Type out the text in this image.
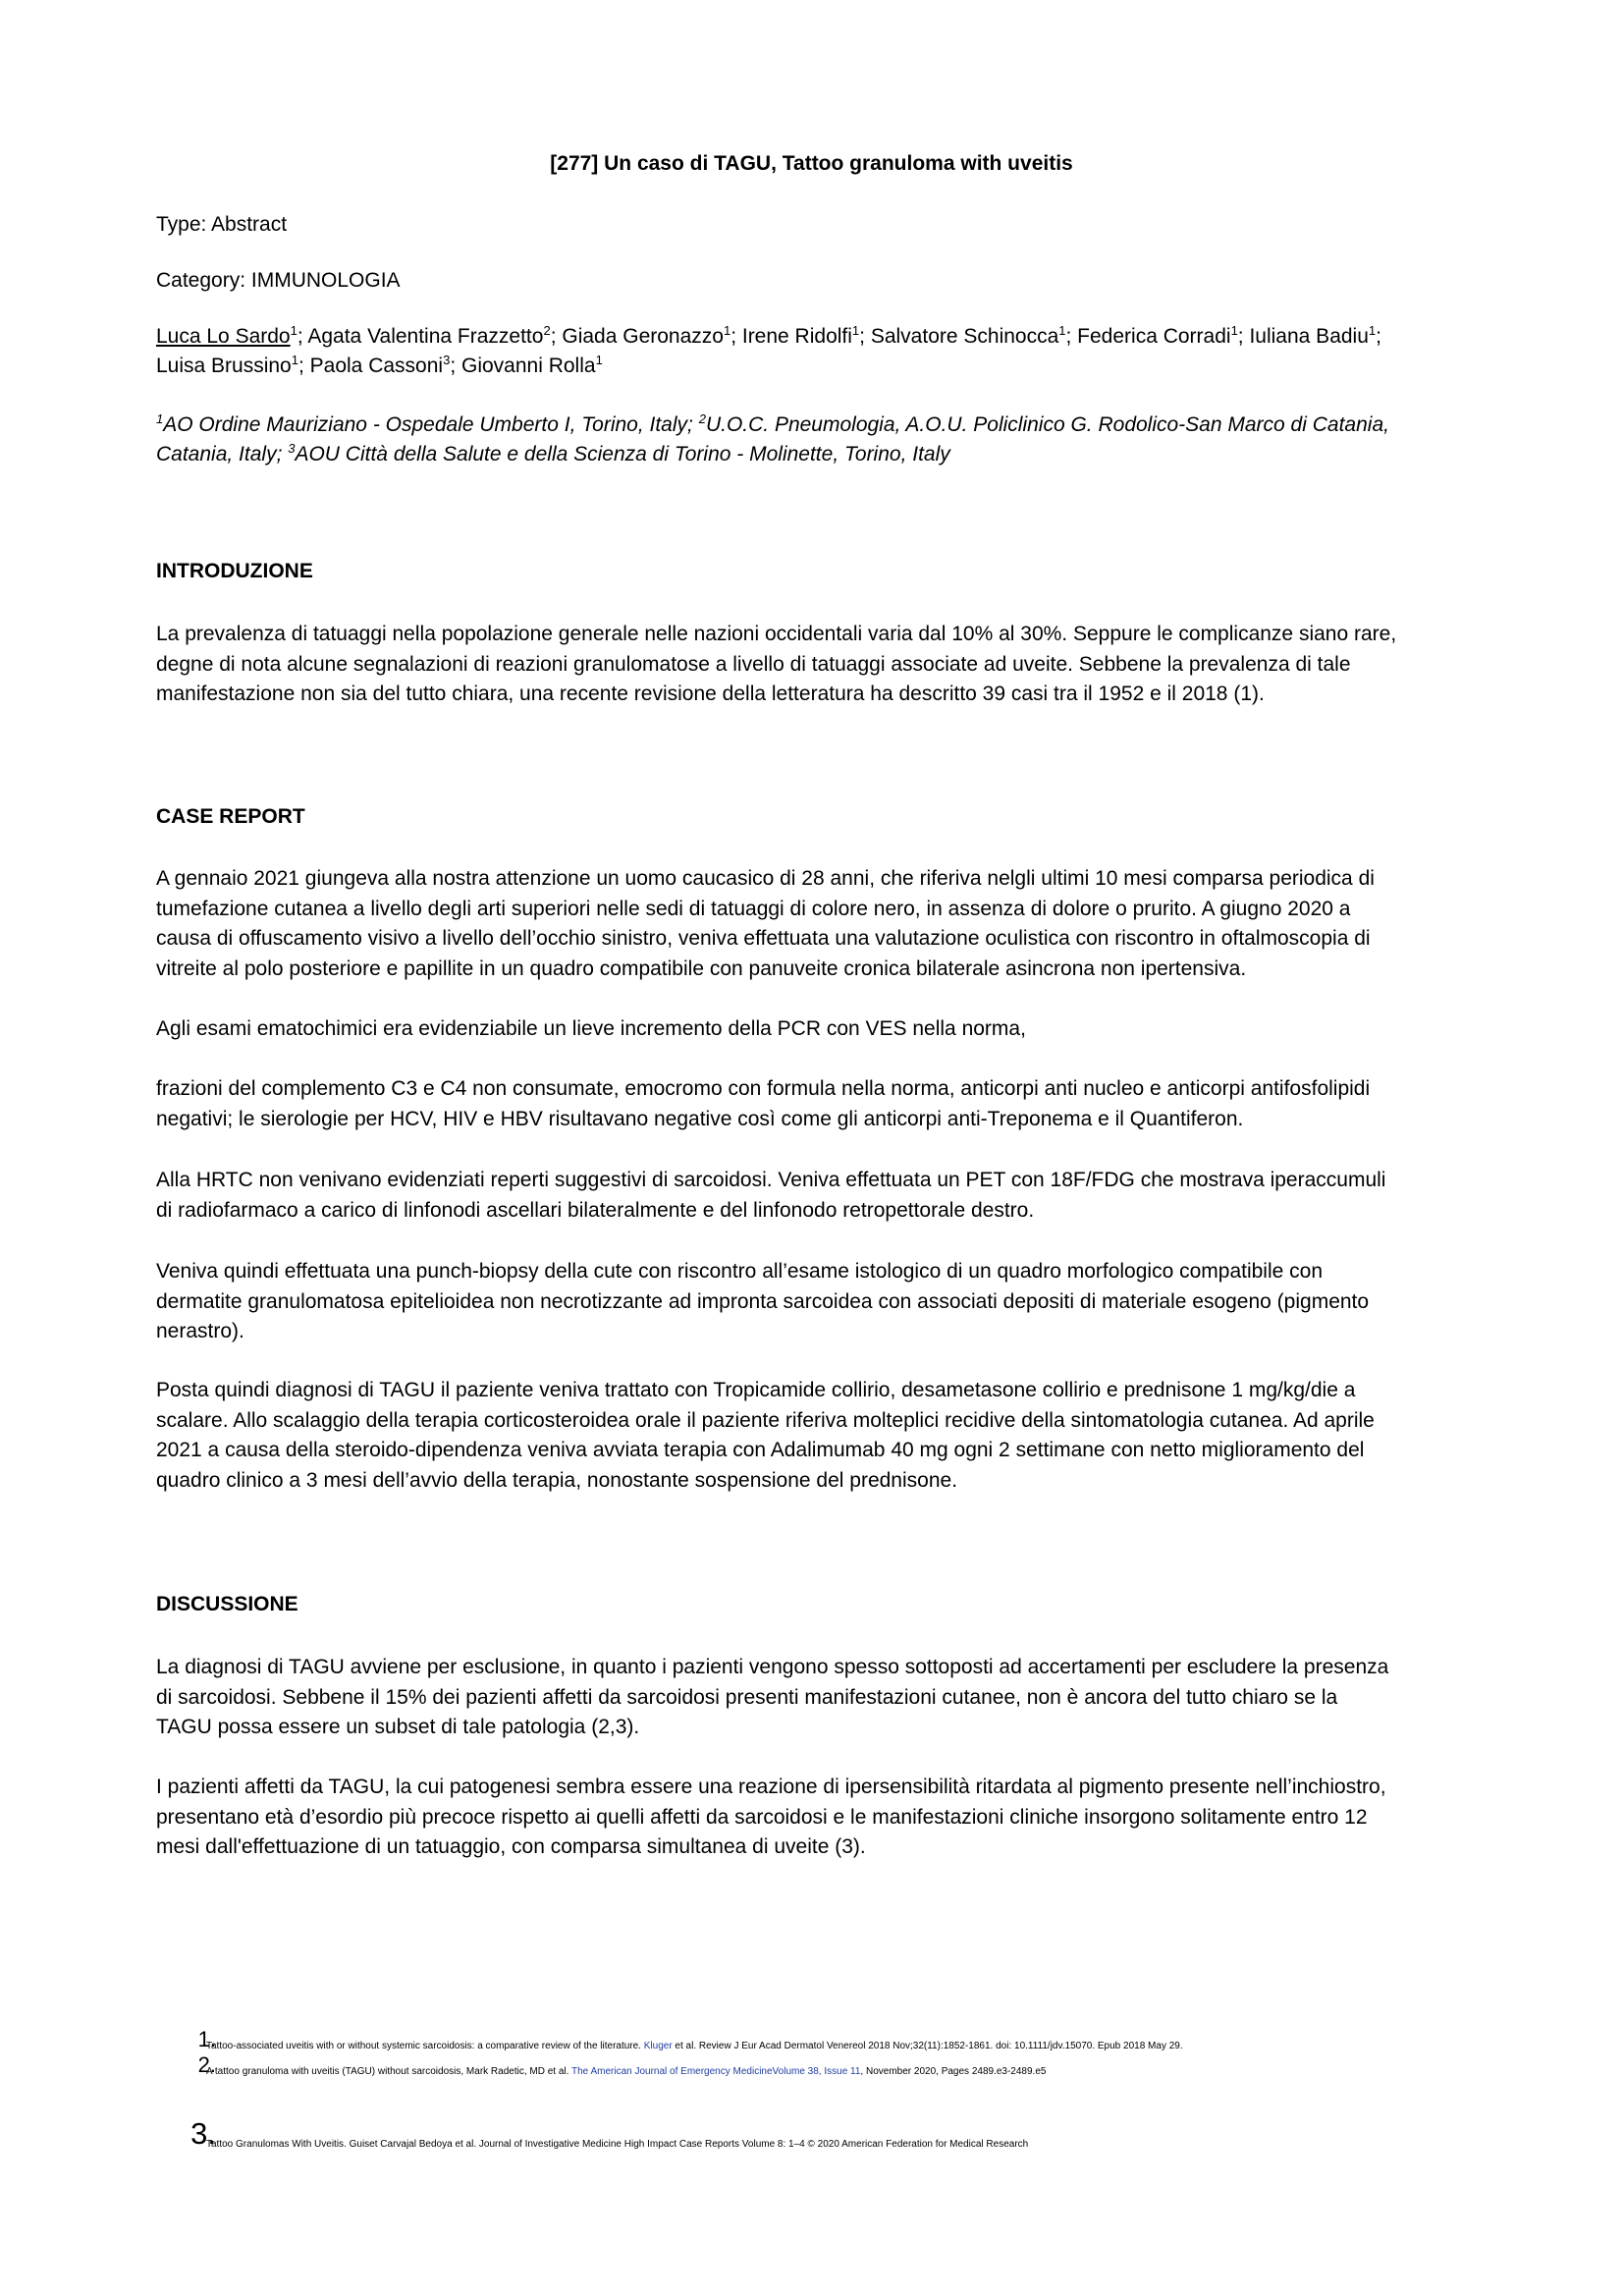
[277] Un caso di TAGU, Tattoo granuloma with uveitis

Type: Abstract

Category: IMMUNOLOGIA

Luca Lo Sardo$^1$; Agata Valentina Frazzetto$^2$; Giada Geronazzo$^1$; Irene Ridolfi$^1$; Salvatore Schinocca$^1$; Federica Corradi$^1$; Iuliana Badiu$^1$;

Luisa Brussino$^1$; Paola Cassoni$^3$; Giovanni Rolla$^1$

$^1$AO Ordine Mauriziano - Ospedale Umberto I, Torino, Italy; $^2$U.O.C. Pneumologia, A.O.U. Policlinico G. Rodolico-San Marco di Catania,

Catania, Italy; $^3$AOU Città della Salute e della Scienza di Torino - Molinette, Torino, Italy

INTRODUZIONE

La prevalenza di tatuaggi nella popolazione generale nelle nazioni occidentali varia dal 10% al 30%. Seppure le complicanze siano rare,

degne di nota alcune segnalazioni di reazioni granulomatose a livello di tatuaggi associate ad uveite. Sebbene la prevalenza di tale

manifestazione non sia del tutto chiara, una recente revisione della letteratura ha descritto 39 casi tra il 1952 e il 2018 (1).

CASE REPORT

A gennaio 2021 giungeva alla nostra attenzione un uomo caucasico di 28 anni, che riferiva nelgli ultimi 10 mesi comparsa periodica di

tumefazione cutanea a livello degli arti superiori nelle sedi di tatuaggi di colore nero, in assenza di dolore o prurito. A giugno 2020 a

causa di offuscamento visivo a livello dell’occhio sinistro, veniva effettuata una valutazione oculistica con riscontro in oftalmoscopia di

vitreite al polo posteriore e papillite in un quadro compatibile con panuveite cronica bilaterale asincrona non ipertensiva.

Agli esami ematochimici era evidenziabile un lieve incremento della PCR con VES nella norma,

frazioni del complemento C3 e C4 non consumate, emocromo con formula nella norma, anticorpi anti nucleo e anticorpi antifosfolipidi

negativi; le sierologie per HCV, HIV e HBV risultavano negative così come gli anticorpi anti-Treponema e il Quantiferon.

Alla HRTC non venivano evidenziati reperti suggestivi di sarcoidosi. Veniva effettuata un PET con 18F/FDG che mostrava iperaccumuli

di radiofarmaco a carico di linfonodi ascellari bilateralmente e del linfonodo retropettorale destro.

Veniva quindi effettuata una punch-biopsy della cute con riscontro all’esame istologico di un quadro morfologico compatibile con

dermatite granulomatosa epitelioidea non necrotizzante ad impronta sarcoidea con associati depositi di materiale esogeno (pigmento

nerastro).

Posta quindi diagnosi di TAGU il paziente veniva trattato con Tropicamide collirio, desametasone collirio e prednisone 1 mg/kg/die a

scalare. Allo scalaggio della terapia corticosteroidea orale il paziente riferiva molteplici recidive della sintomatologia cutanea. Ad aprile

2021 a causa della steroido-dipendenza veniva avviata terapia con Adalimumab 40 mg ogni 2 settimane con netto miglioramento del

quadro clinico a 3 mesi dell’avvio della terapia, nonostante sospensione del prednisone.

DISCUSSIONE

La diagnosi di TAGU avviene per esclusione, in quanto i pazienti vengono spesso sottoposti ad accertamenti per escludere la presenza

di sarcoidosi. Sebbene il 15% dei pazienti affetti da sarcoidosi presenti manifestazioni cutanee, non è ancora del tutto chiaro se la

TAGU possa essere un subset di tale patologia (2,3).

I pazienti affetti da TAGU, la cui patogenesi sembra essere una reazione di ipersensibilità ritardata al pigmento presente nell’inchiostro,

presentano età d’esordio più precoce rispetto ai quelli affetti da sarcoidosi e le manifestazioni cliniche insorgono solitamente entro 12

mesi dall'effettuazione di un tatuaggio, con comparsa simultanea di uveite (3).

1.
Tattoo-associated uveitis with or without systemic sarcoidosis: a comparative review of the literature. Kluger et al. Review J Eur Acad Dermatol Venereol 2018 Nov;32(11):1852-1861. doi: 10.1111/jdv.15070. Epub 2018 May 29.

2.
A tattoo granuloma with uveitis (TAGU) without sarcoidosis, Mark Radetic, MD et al. The American Journal of Emergency MedicineVolume 38, Issue 11, November 2020, Pages 2489.e3-2489.e5

3.
Tattoo Granulomas With Uveitis. Guiset Carvajal Bedoya et al. Journal of Investigative Medicine High Impact Case Reports Volume 8: 1–4 © 2020 American Federation for Medical Research
